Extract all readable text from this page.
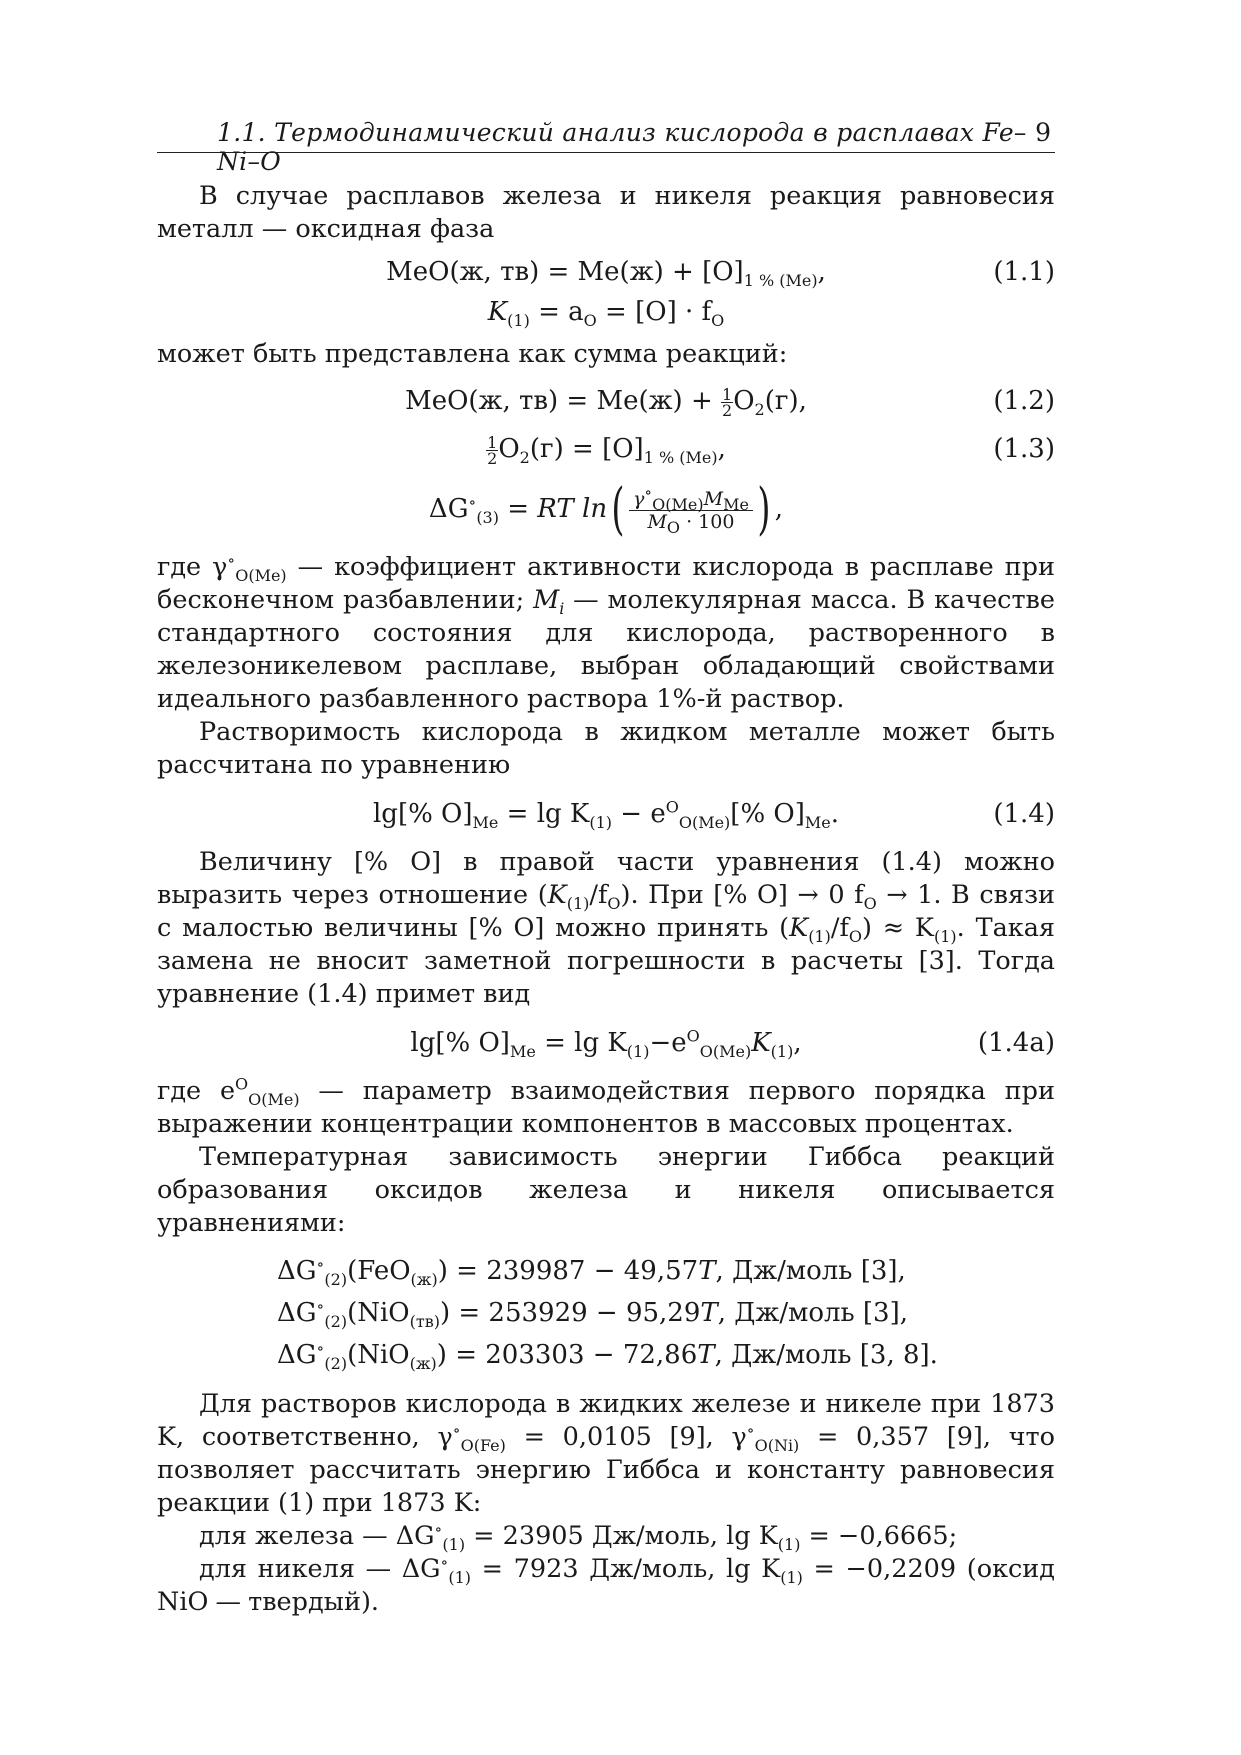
1.1. Термодинамический анализ кислорода в расплавах Fe–Ni–O
9

В случае расплавов железа и никеля реакция равновесия металл — оксидная фаза

MeO(ж, $тв) = Me(ж) + [O]_{1 \% (Me)}$,	(1.1)
$K_{(1)} = a_O = [O] \cdot f_O$

может быть представлена как сумма реакций:

MeO(ж, $тв) = Me(ж) + \frac{1}{2} O_2(г)$,	(1.2)
$\frac{1}{2} O_2(г) = [O]_{1 \% (Me)}$,	(1.3)
$\Delta G^\circ_{(3)}$ = RT $\ln( \frac{\gamma^\circ_{O(Me)}M_{Me}}{M_O \cdot 100}$ ) ,

где $\gamma^\circ_{O(Me)}$ — коэффициент активности кислорода в расплаве при бесконечном разбавлении; $M_i$ — молекулярная масса. В качестве стандартного состояния для кислорода, растворенного в железоникелевом расплаве, выбран обладающий свойствами идеального разбавленного раствора 1%-й раствор.

Растворимость кислорода в жидком металле может быть рассчитана по уравнению

lg[% $O]_{Me} = \lg K_{(1)} - e^O_{O(Me)}[\%$ $O]_{Me}$.	(1.4)

Величину [% O] в правой части уравнения (1.4) можно выразить через отношение $(K_{(1)}/f_O)$. При [% O] → 0 $f_O \to 1$. В связи с малостью величины [% O] можно принять $(K_{(1)}/f_O) \approx K_{(1)}$. Такая замена не вносит заметной погрешности в расчеты [3]. Тогда уравнение (1.4) примет вид

lg[% $O]_{Me} = \lg K_{(1)}-e^O_{O(Me)}K_{(1)}$,	(1.4a)

где $e^O_{O(Me)}$ — параметр взаимодействия первого порядка при выражении концентрации компонентов в массовых процентах.

Температурная зависимость энергии Гиббса реакций образования оксидов железа и никеля описывается уравнениями:

$\Delta G^\circ_{(2)}(FeO_{(ж)}) = 239987 - 49,57T$, Дж/моль [3],
$\Delta G^\circ_{(2)}(NiO_{(тв)}) = 253929 - 95,29T$, Дж/моль [3],
$\Delta G^\circ_{(2)}(NiO_{(ж)}) = 203303 - 72,86T$, Дж/моль [3, 8].

Для растворов кислорода в жидких железе и никеле при 1873 K, соответственно, $\gamma^\circ_{O(Fe)} = 0,0105$ [9], $\gamma^\circ_{O(Ni)} = 0,357$ [9], что позволяет рассчитать энергию Гиббса и константу равновесия реакции (1) при 1873 K:

для железа — $\Delta G^\circ_{(1)} = 23905$ Дж/моль, $\lg K_{(1)} = -0,6665$;

для никеля — $\Delta G^\circ_{(1)} = 7923$ Дж/моль, $\lg K_{(1)} = -0,2209$ (оксид NiO — твердый).
